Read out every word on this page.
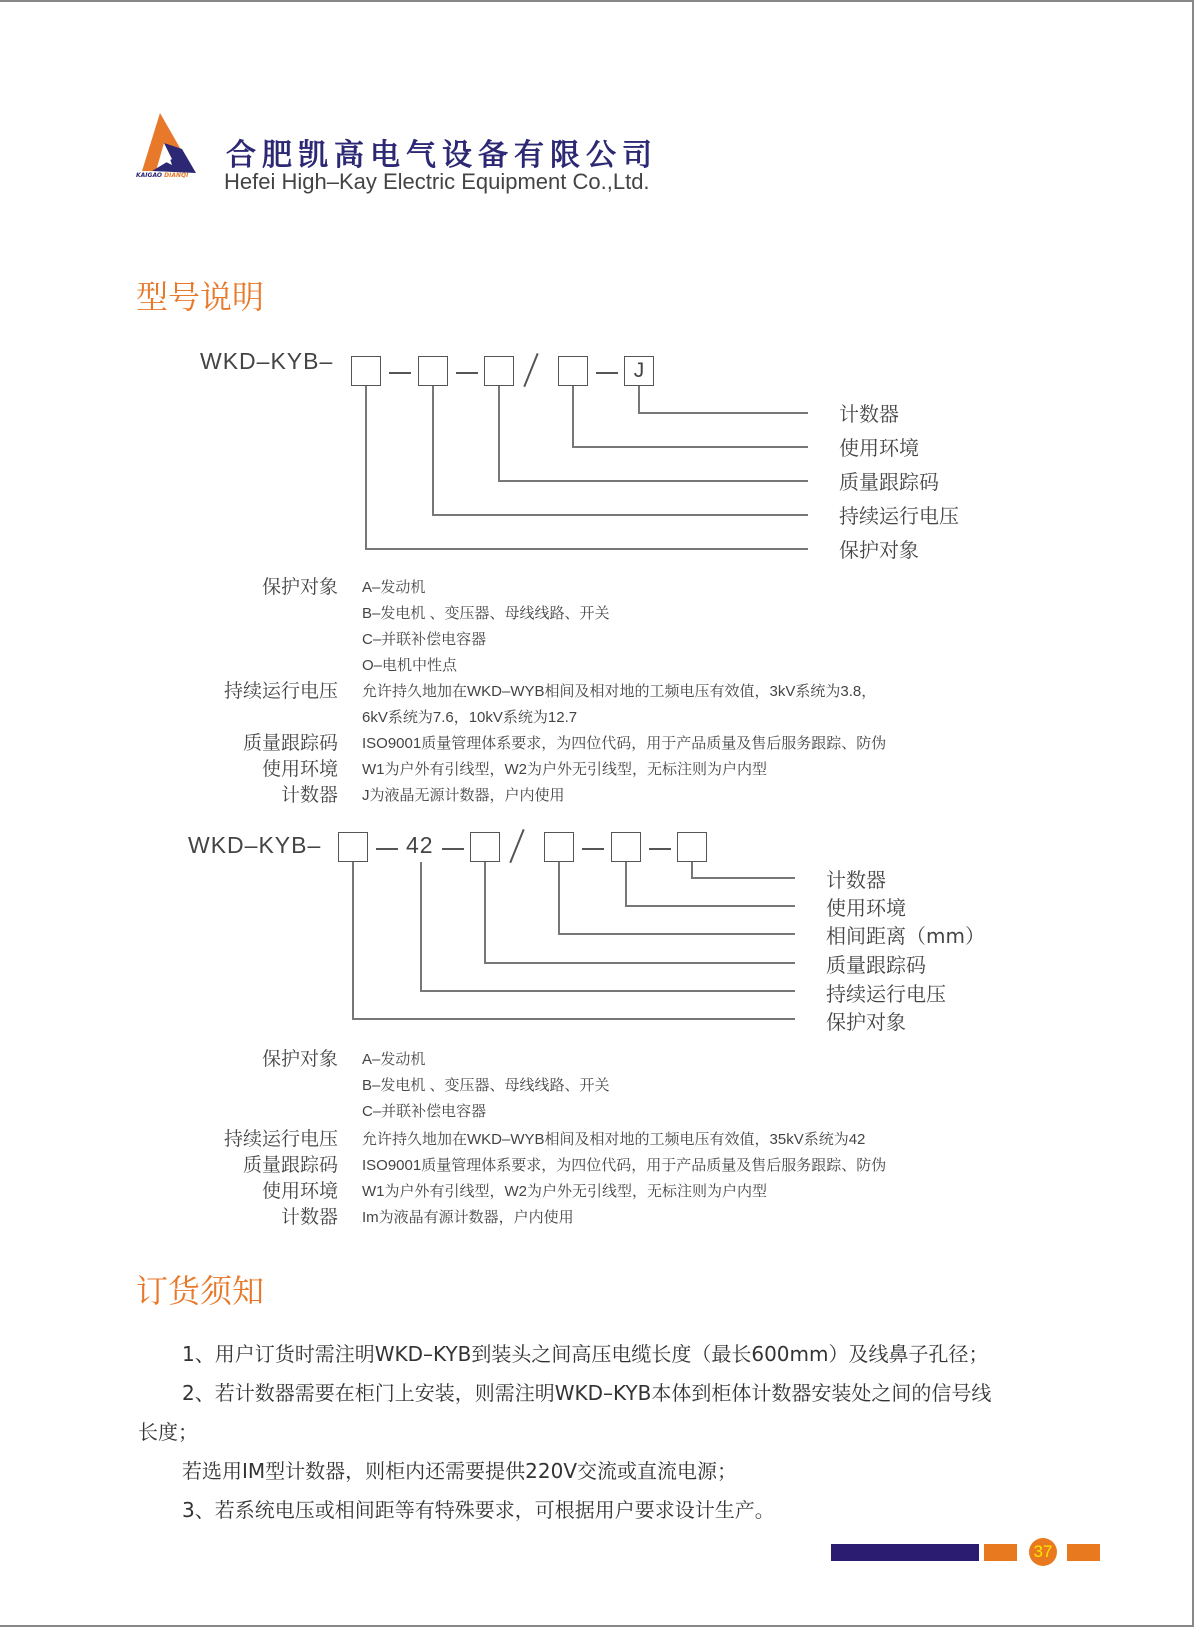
KAIGAO DIANQI
合肥凯高电气设备有限公司
Hefei High–Kay Electric Equipment Co.,Ltd.
型号说明
WKD–KYB–	J
计数器
使用环境
质量跟踪码
持续运行电压
保护对象
保护对象 A–发动机
B–发电机 、变压器、母线线路、开关
C–并联补偿电容器
O–电机中性点
持续运行电压 允许持久地加在WKD–WYB相间及相对地的工频电压有效值，3kV系统为3.8，
6kV系统为7.6，10kV系统为12.7
质量跟踪码 ISO9001质量管理体系要求，为四位代码，用于产品质量及售后服务跟踪、防伪
使用环境 W1为户外有引线型，W2为户外无引线型，无标注则为户内型
计数器 J为液晶无源计数器，户内使用
WKD–KYB–	42
计数器
使用环境
相间距离（mm）
质量跟踪码
持续运行电压
保护对象
保护对象 A–发动机
B–发电机 、变压器、母线线路、开关
C–并联补偿电容器
持续运行电压 允许持久地加在WKD–WYB相间及相对地的工频电压有效值，35kV系统为42
质量跟踪码 ISO9001质量管理体系要求，为四位代码，用于产品质量及售后服务跟踪、防伪
使用环境 W1为户外有引线型，W2为户外无引线型，无标注则为户内型
计数器 Im为液晶有源计数器，户内使用
订货须知
1、用户订货时需注明WKD–KYB到装头之间高压电缆长度（最长600mm）及线鼻子孔径；
2、若计数器需要在柜门上安装，则需注明WKD–KYB本体到柜体计数器安装处之间的信号线
长度；
若选用IM型计数器，则柜内还需要提供220V交流或直流电源；
3、若系统电压或相间距等有特殊要求，可根据用户要求设计生产。
37
